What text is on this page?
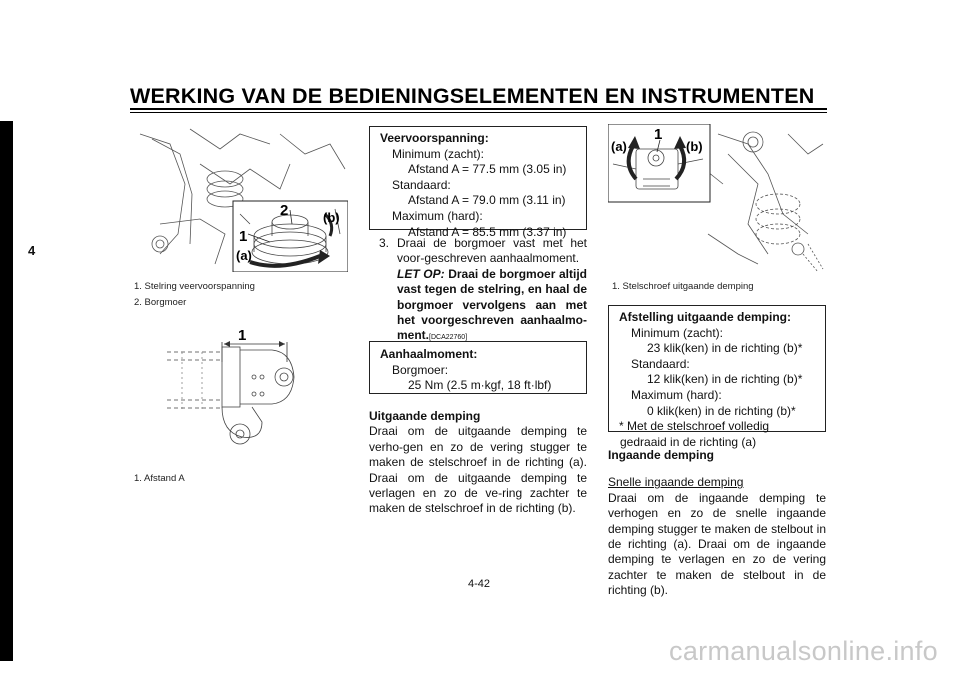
WERKING VAN DE BEDIENINGSELEMENTEN EN INSTRUMENTEN
4
1
2
(a)
(b)
1. Stelring veervoorspanning
2. Borgmoer
1
1. Afstand A
Veervoorspanning:
Minimum (zacht):
Afstand A = 77.5 mm (3.05 in)
Standaard:
Afstand A = 79.0 mm (3.11 in)
Maximum (hard):
Afstand A = 85.5 mm (3.37 in)
3. Draai de borgmoer vast met het voor-geschreven aanhaalmoment.
LET OP: Draai de borgmoer altijd vast tegen de stelring, en haal de borgmoer vervolgens aan met het voorgeschreven aanhaalmo-ment.[DCA22760]
Aanhaalmoment:
Borgmoer:
25 Nm (2.5 m·kgf, 18 ft·lbf)
Uitgaande demping
Draai om de uitgaande demping te verho-gen en zo de vering stugger te maken de stelschroef in de richting (a). Draai om de uitgaande demping te verlagen en zo de ve-ring zachter te maken de stelschroef in de richting (b).
1
(a)	(b)
1. Stelschroef uitgaande demping
Afstelling uitgaande demping:
Minimum (zacht):
23 klik(ken) in de richting (b)*
Standaard:
12 klik(ken) in de richting (b)*
Maximum (hard):
0 klik(ken) in de richting (b)*
* Met de stelschroef volledig gedraaid in de richting (a)
Ingaande demping
Snelle ingaande demping
Draai om de ingaande demping te verhogen en zo de snelle ingaande demping stugger te maken de stelbout in de richting (a). Draai om de ingaande demping te verlagen en zo de vering zachter te maken de stelbout in de richting (b).
4-42
carmanualsonline.info
